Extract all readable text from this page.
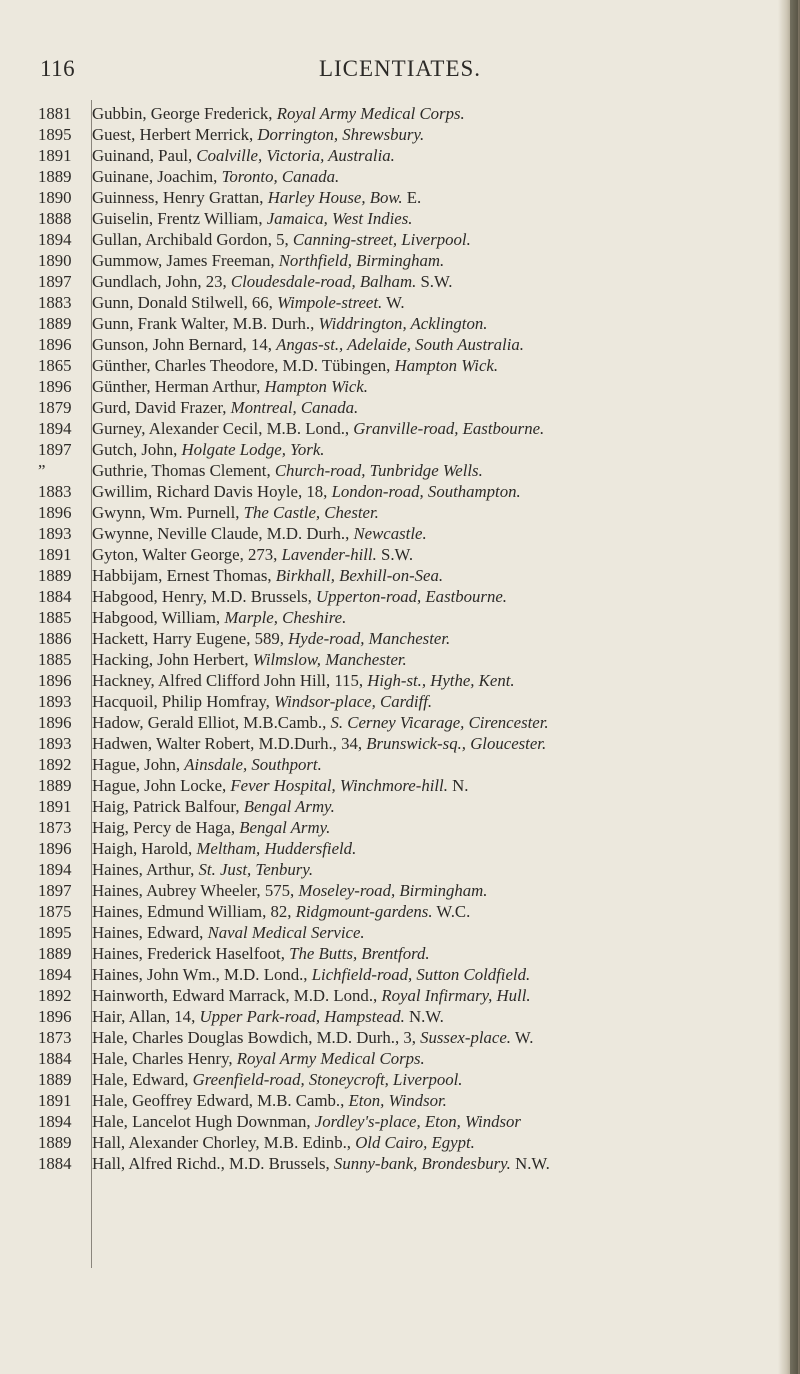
116	LICENTIATES.
1881	Gubbin, George Frederick, Royal Army Medical Corps.
1895	Guest, Herbert Merrick, Dorrington, Shrewsbury.
1891	Guinand, Paul, Coalville, Victoria, Australia.
1889	Guinane, Joachim, Toronto, Canada.
1890	Guinness, Henry Grattan, Harley House, Bow. E.
1888	Guiselin, Frentz William, Jamaica, West Indies.
1894	Gullan, Archibald Gordon, 5, Canning-street, Liverpool.
1890	Gummow, James Freeman, Northfield, Birmingham.
1897	Gundlach, John, 23, Cloudesdale-road, Balham. S.W.
1883	Gunn, Donald Stilwell, 66, Wimpole-street. W.
1889	Gunn, Frank Walter, M.B. Durh., Widdrington, Acklington.
1896	Gunson, John Bernard, 14, Angas-st., Adelaide, South Australia.
1865	Günther, Charles Theodore, M.D. Tübingen, Hampton Wick.
1896	Günther, Herman Arthur, Hampton Wick.
1879	Gurd, David Frazer, Montreal, Canada.
1894	Gurney, Alexander Cecil, M.B. Lond., Granville-road, Eastbourne.
1897	Gutch, John, Holgate Lodge, York.
”	Guthrie, Thomas Clement, Church-road, Tunbridge Wells.
1883	Gwillim, Richard Davis Hoyle, 18, London-road, Southampton.
1896	Gwynn, Wm. Purnell, The Castle, Chester.
1893	Gwynne, Neville Claude, M.D. Durh., Newcastle.
1891	Gyton, Walter George, 273, Lavender-hill. S.W.
1889	Habbijam, Ernest Thomas, Birkhall, Bexhill-on-Sea.
1884	Habgood, Henry, M.D. Brussels, Upperton-road, Eastbourne.
1885	Habgood, William, Marple, Cheshire.
1886	Hackett, Harry Eugene, 589, Hyde-road, Manchester.
1885	Hacking, John Herbert, Wilmslow, Manchester.
1896	Hackney, Alfred Clifford John Hill, 115, High-st., Hythe, Kent.
1893	Hacquoil, Philip Homfray, Windsor-place, Cardiff.
1896	Hadow, Gerald Elliot, M.B.Camb., S. Cerney Vicarage, Cirencester.
1893	Hadwen, Walter Robert, M.D.Durh., 34, Brunswick-sq., Gloucester.
1892	Hague, John, Ainsdale, Southport.
1889	Hague, John Locke, Fever Hospital, Winchmore-hill. N.
1891	Haig, Patrick Balfour, Bengal Army.
1873	Haig, Percy de Haga, Bengal Army.
1896	Haigh, Harold, Meltham, Huddersfield.
1894	Haines, Arthur, St. Just, Tenbury.
1897	Haines, Aubrey Wheeler, 575, Moseley-road, Birmingham.
1875	Haines, Edmund William, 82, Ridgmount-gardens. W.C.
1895	Haines, Edward, Naval Medical Service.
1889	Haines, Frederick Haselfoot, The Butts, Brentford.
1894	Haines, John Wm., M.D. Lond., Lichfield-road, Sutton Coldfield.
1892	Hainworth, Edward Marrack, M.D. Lond., Royal Infirmary, Hull.
1896	Hair, Allan, 14, Upper Park-road, Hampstead. N.W.
1873	Hale, Charles Douglas Bowdich, M.D. Durh., 3, Sussex-place. W.
1884	Hale, Charles Henry, Royal Army Medical Corps.
1889	Hale, Edward, Greenfield-road, Stoneycroft, Liverpool.
1891	Hale, Geoffrey Edward, M.B. Camb., Eton, Windsor.
1894	Hale, Lancelot Hugh Downman, Jordley's-place, Eton, Windsor
1889	Hall, Alexander Chorley, M.B. Edinb., Old Cairo, Egypt.
1884	Hall, Alfred Richd., M.D. Brussels, Sunny-bank, Brondesbury. N.W.
